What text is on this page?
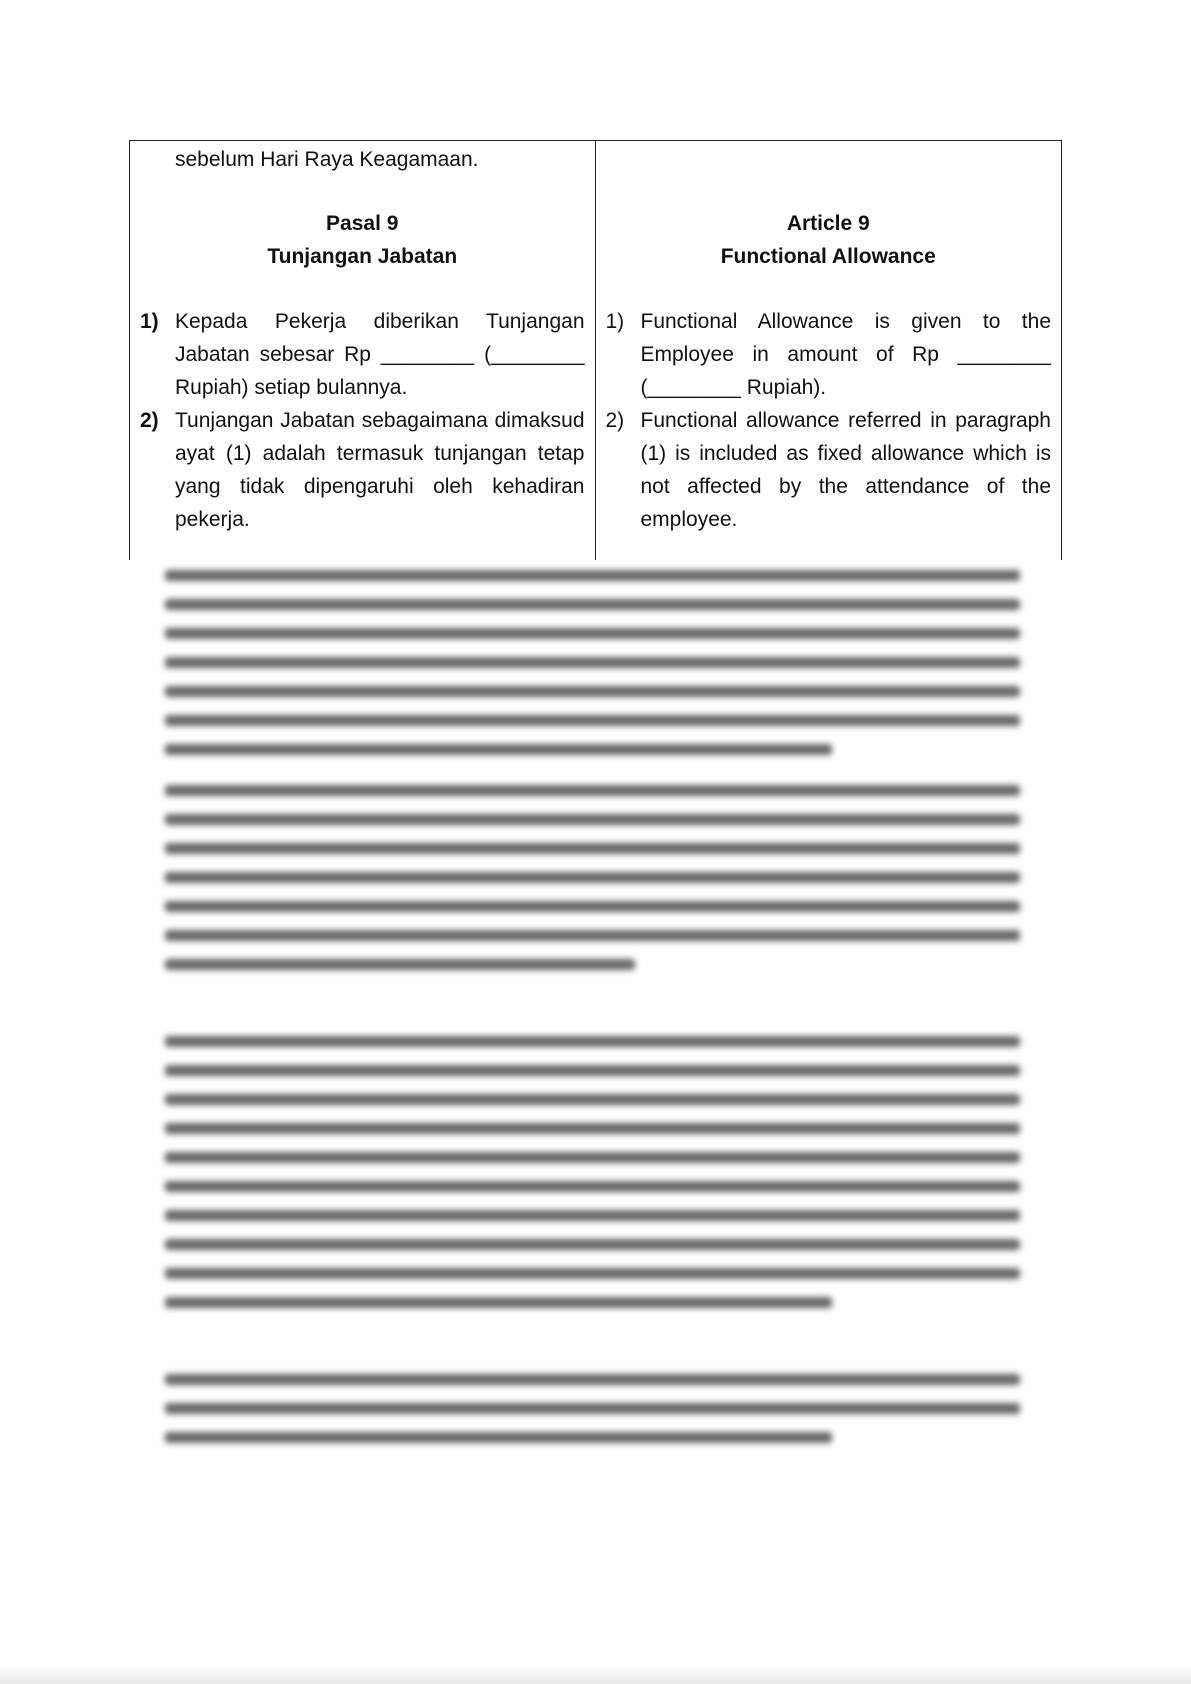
sebelum Hari Raya Keagamaan.
Pasal 9
Tunjangan Jabatan
1) Kepada Pekerja diberikan Tunjangan Jabatan sebesar Rp ________ (________ Rupiah) setiap bulannya.
2) Tunjangan Jabatan sebagaimana dimaksud ayat (1) adalah termasuk tunjangan tetap yang tidak dipengaruhi oleh kehadiran pekerja.
Article 9
Functional Allowance
1) Functional Allowance is given to the Employee in amount of Rp ________ (________ Rupiah).
2) Functional allowance referred in paragraph (1) is included as fixed allowance which is not affected by the attendance of the employee.
